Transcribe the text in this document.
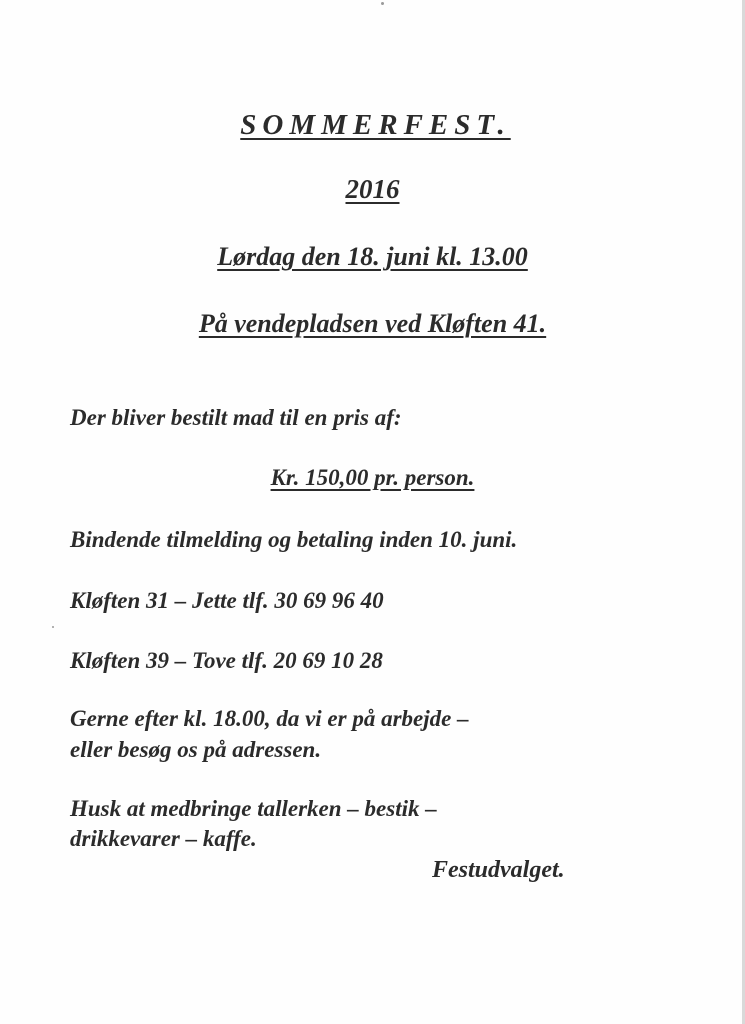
SOMMERFEST.
2016
Lørdag den 18. juni kl. 13.00
På vendepladsen ved Kløften 41.
Der bliver bestilt mad til en pris af:
Kr. 150,00 pr. person.
Bindende tilmelding og betaling inden 10. juni.
Kløften 31 – Jette tlf. 30 69 96 40
Kløften 39 – Tove tlf. 20 69 10 28
Gerne efter kl. 18.00, da vi er på arbejde –
eller besøg os på adressen.
Husk at medbringe tallerken – bestik –
drikkevarer – kaffe.
Festudvalget.
